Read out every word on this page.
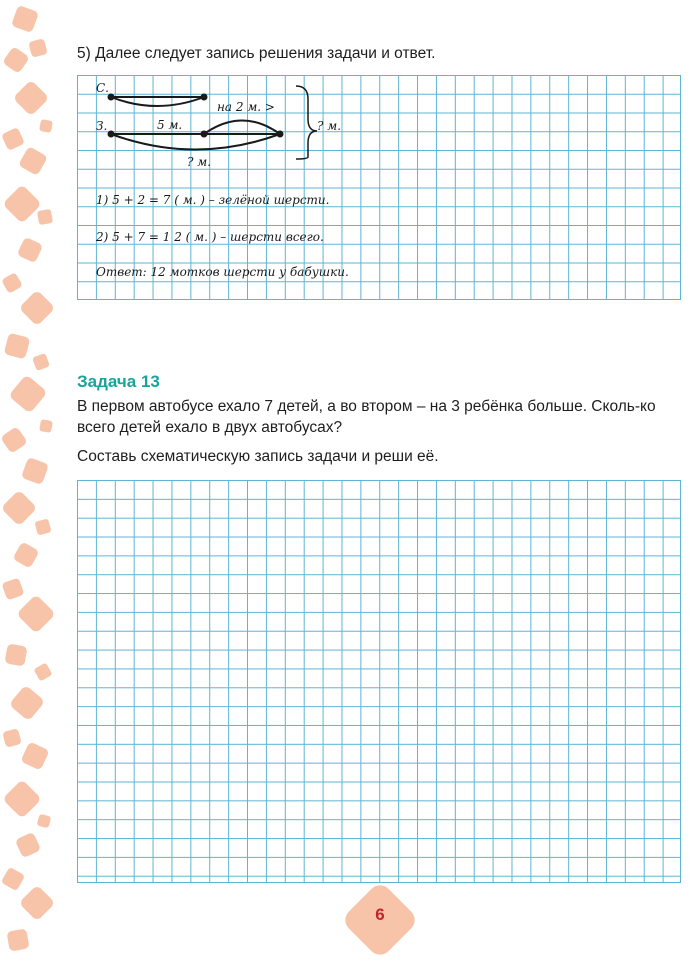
5) Далее следует запись решения задачи и ответ.
С.
З.	5 м.
на 2 м. >
? м.
? м.
1) 5 + 2 = 7 ( м. ) – зелёной шерсти.
2) 5 + 7 = 1 2 ( м. ) – шерсти всего.
Ответ: 12 мотков шерсти у бабушки.
Задача 13

В первом автобусе ехало 7 детей, а во втором – на 3 ребёнка больше. Сколь-ко всего детей ехало в двух автобусах?

Составь схематическую запись задачи и реши её.
6
